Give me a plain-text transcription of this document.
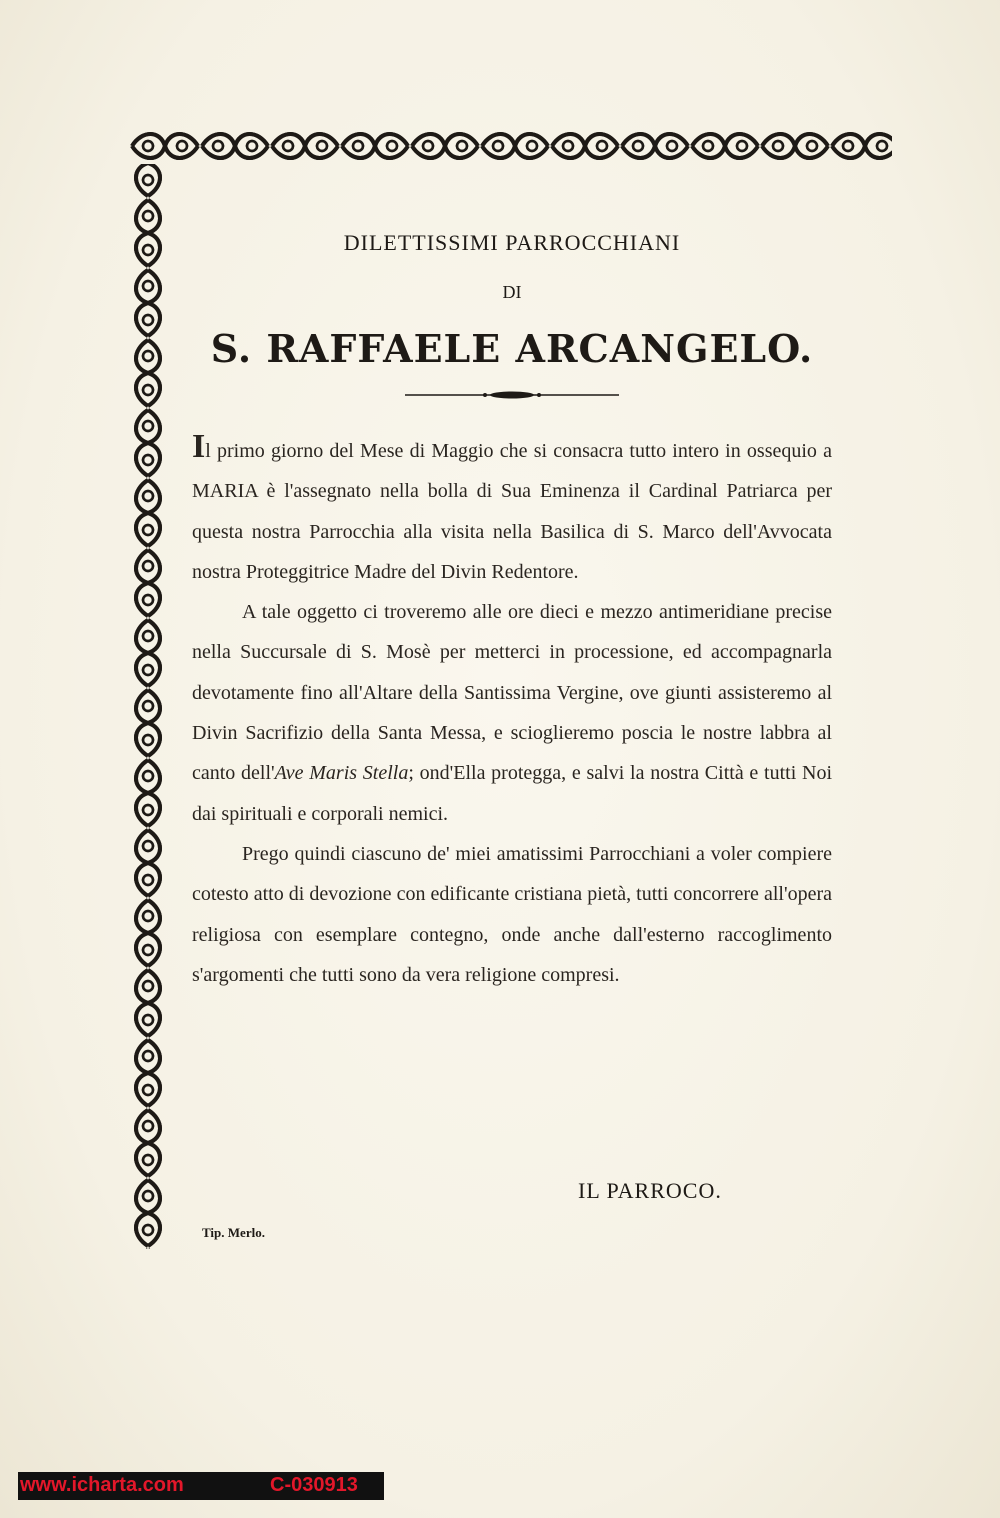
DILETTISSIMI PARROCCHIANI
DI
S. RAFFAELE ARCANGELO.

Il primo giorno del Mese di Maggio che si consacra tutto intero in ossequio a MARIA è l'assegnato nella bolla di Sua Eminenza il Cardinal Patriarca per questa nostra Parrocchia alla visita nella Basilica di S. Marco dell'Avvocata nostra Proteggitrice Madre del Divin Redentore.

A tale oggetto ci troveremo alle ore dieci e mezzo antimeridiane precise nella Succursale di S. Mosè per metterci in processione, ed accompagnarla devotamente fino all'Altare della Santissima Vergine, ove giunti assisteremo al Divin Sacrifizio della Santa Messa, e scioglieremo poscia le nostre labbra al canto dell'Ave Maris Stella; ond'Ella protegga, e salvi la nostra Città e tutti Noi dai spirituali e corporali nemici.

Prego quindi ciascuno de' miei amatissimi Parrocchiani a voler compiere cotesto atto di devozione con edificante cristiana pietà, tutti concorrere all'opera religiosa con esemplare contegno, onde anche dall'esterno raccoglimento s'argomenti che tutti sono da vera religione compresi.

IL PARROCO.
Tip. Merlo.
www.icharta.com	C-030913
